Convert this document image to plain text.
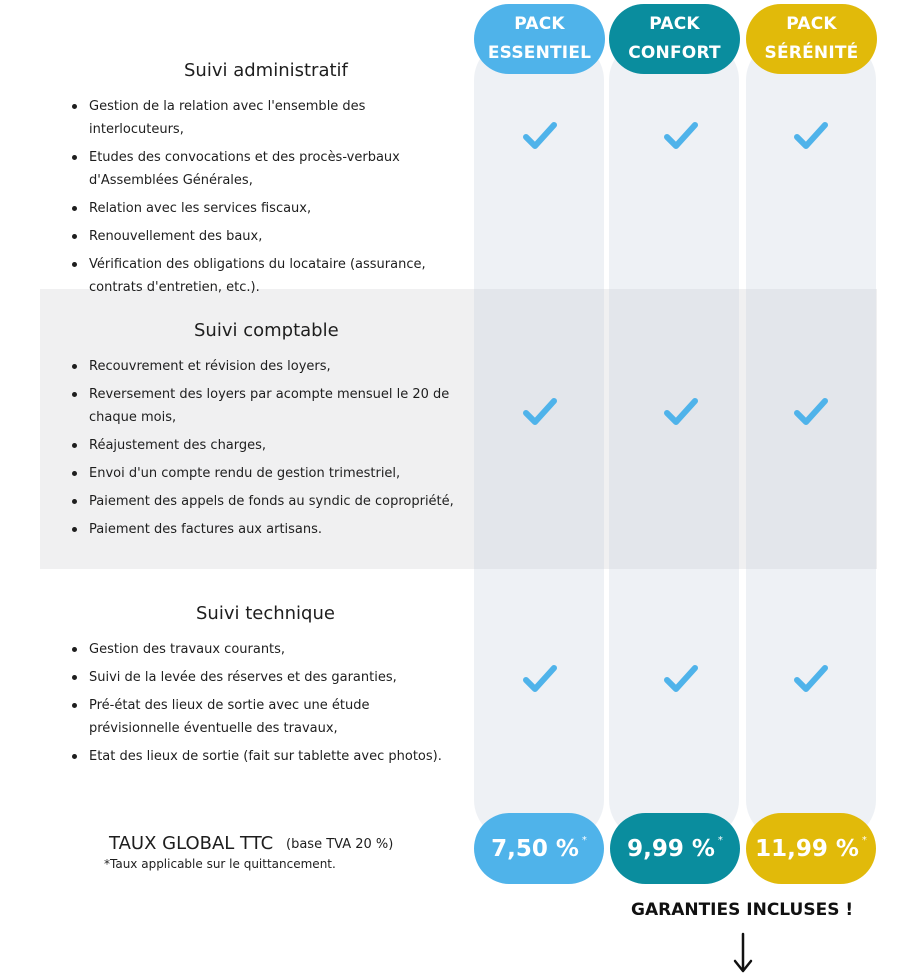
PACK
ESSENTIEL
PACK
CONFORT
PACK
SÉRÉNITÉ
Suivi administratif
Gestion de la relation avec l'ensemble des interlocuteurs,
Etudes des convocations et des procès-verbaux d'Assemblées Générales,
Relation avec les services fiscaux,
Renouvellement des baux,
Vérification des obligations du locataire (assurance, contrats d'entretien, etc.).
Suivi comptable
Recouvrement et révision des loyers,
Reversement des loyers par acompte mensuel le 20 de chaque mois,
Réajustement des charges,
Envoi d'un compte rendu de gestion trimestriel,
Paiement des appels de fonds au syndic de copropriété,
Paiement des factures aux artisans.
Suivi technique
Gestion des travaux courants,
Suivi de la levée des réserves et des garanties,
Pré-état des lieux de sortie avec une étude prévisionnelle éventuelle des travaux,
Etat des lieux de sortie (fait sur tablette avec photos).
TAUX GLOBAL TTC (base TVA 20 %)
*Taux applicable sur le quittancement.
7,50 % * 9,99 % * 11,99 % *
GARANTIES INCLUSES !
